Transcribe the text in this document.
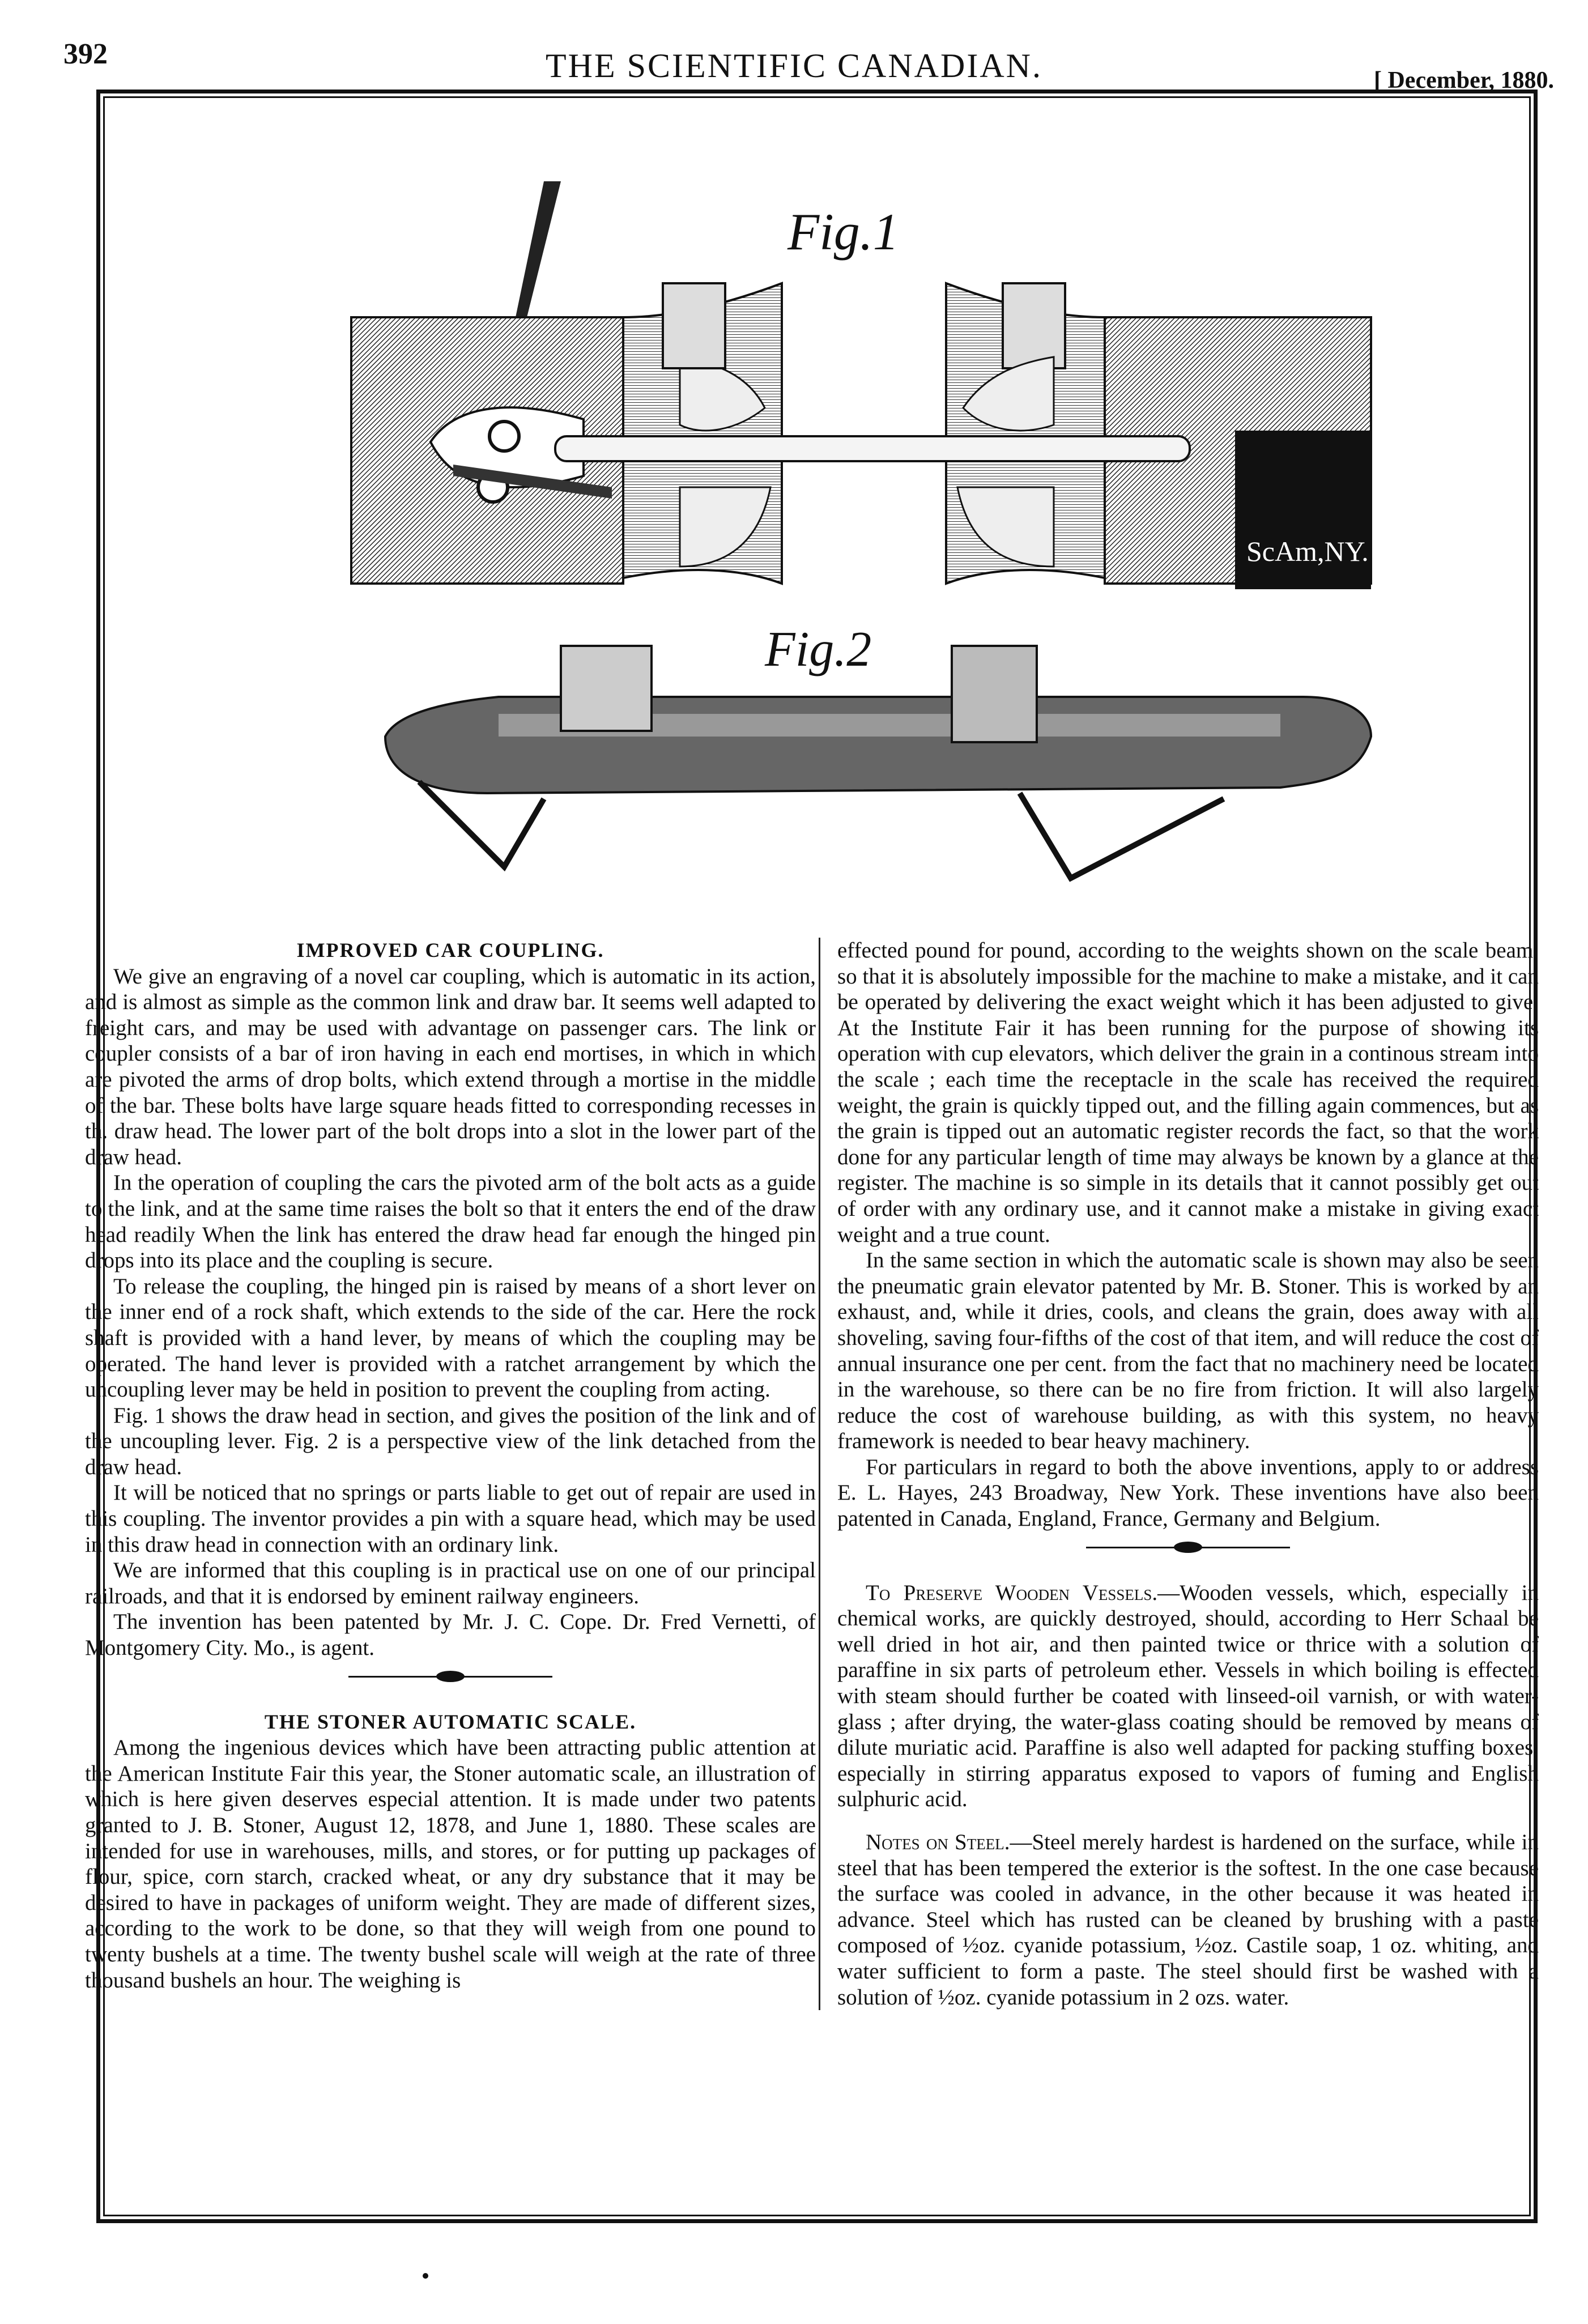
392	THE SCIENTIFIC CANADIAN.	[ December, 1880.
Fig.1
ScAm,NY.
Fig.2

IMPROVED CAR COUPLING.

We give an engraving of a novel car coupling, which is automatic in its action, and is almost as simple as the common link and draw bar. It seems well adapted to freight cars, and may be used with advantage on passenger cars. The link or coupler consists of a bar of iron having in each end mortises, in which in which are pivoted the arms of drop bolts, which extend through a mortise in the middle of the bar. These bolts have large square heads fitted to corresponding recesses in th. draw head. The lower part of the bolt drops into a slot in the lower part of the draw head.

In the operation of coupling the cars the pivoted arm of the bolt acts as a guide to the link, and at the same time raises the bolt so that it enters the end of the draw head readily When the link has entered the draw head far enough the hinged pin drops into its place and the coupling is secure.

To release the coupling, the hinged pin is raised by means of a short lever on the inner end of a rock shaft, which extends to the side of the car. Here the rock shaft is provided with a hand lever, by means of which the coupling may be operated. The hand lever is provided with a ratchet arrangement by which the uncoupling lever may be held in position to prevent the coupling from acting.

Fig. 1 shows the draw head in section, and gives the position of the link and of the uncoupling lever. Fig. 2 is a perspective view of the link detached from the draw head.

It will be noticed that no springs or parts liable to get out of repair are used in this coupling. The inventor provides a pin with a square head, which may be used in this draw head in connection with an ordinary link.

We are informed that this coupling is in practical use on one of our principal railroads, and that it is endorsed by eminent railway engineers.

The invention has been patented by Mr. J. C. Cope. Dr. Fred Vernetti, of Montgomery City. Mo., is agent.

THE STONER AUTOMATIC SCALE.

Among the ingenious devices which have been attracting public attention at the American Institute Fair this year, the Stoner automatic scale, an illustration of which is here given deserves especial attention. It is made under two patents granted to J. B. Stoner, August 12, 1878, and June 1, 1880. These scales are intended for use in warehouses, mills, and stores, or for putting up packages of flour, spice, corn starch, cracked wheat, or any dry substance that it may be desired to have in packages of uniform weight. They are made of different sizes, according to the work to be done, so that they will weigh from one pound to twenty bushels at a time. The twenty bushel scale will weigh at the rate of three thousand bushels an hour. The weighing is

effected pound for pound, according to the weights shown on the scale beam, so that it is absolutely impossible for the machine to make a mistake, and it can be operated by delivering the exact weight which it has been adjusted to give. At the Institute Fair it has been running for the purpose of showing its operation with cup elevators, which deliver the grain in a continous stream into the scale ; each time the receptacle in the scale has received the required weight, the grain is quickly tipped out, and the filling again commences, but as the grain is tipped out an automatic register records the fact, so that the work done for any particular length of time may always be known by a glance at the register. The machine is so simple in its details that it cannot possibly get out of order with any ordinary use, and it cannot make a mistake in giving exact weight and a true count.

In the same section in which the automatic scale is shown may also be seen the pneumatic grain elevator patented by Mr. B. Stoner. This is worked by an exhaust, and, while it dries, cools, and cleans the grain, does away with all shoveling, saving four-fifths of the cost of that item, and will reduce the cost of annual insurance one per cent. from the fact that no machinery need be located in the warehouse, so there can be no fire from friction. It will also largely reduce the cost of warehouse building, as with this system, no heavy framework is needed to bear heavy machinery.

For particulars in regard to both the above inventions, apply to or address E. L. Hayes, 243 Broadway, New York. These inventions have also been patented in Canada, England, France, Germany and Belgium.

To Preserve Wooden Vessels.—Wooden vessels, which, especially in chemical works, are quickly destroyed, should, according to Herr Schaal be well dried in hot air, and then painted twice or thrice with a solution of paraffine in six parts of petroleum ether. Vessels in which boiling is effected with steam should further be coated with linseed-oil varnish, or with water-glass ; after drying, the water-glass coating should be removed by means of dilute muriatic acid. Paraffine is also well adapted for packing stuffing boxes, especially in stirring apparatus exposed to vapors of fuming and English sulphuric acid.

Notes on Steel.—Steel merely hardest is hardened on the surface, while in steel that has been tempered the exterior is the softest. In the one case because the surface was cooled in advance, in the other because it was heated in advance. Steel which has rusted can be cleaned by brushing with a paste composed of ½oz. cyanide potassium, ½oz. Castile soap, 1 oz. whiting, and water sufficient to form a paste. The steel should first be washed with a solution of ½oz. cyanide potassium in 2 ozs. water.
